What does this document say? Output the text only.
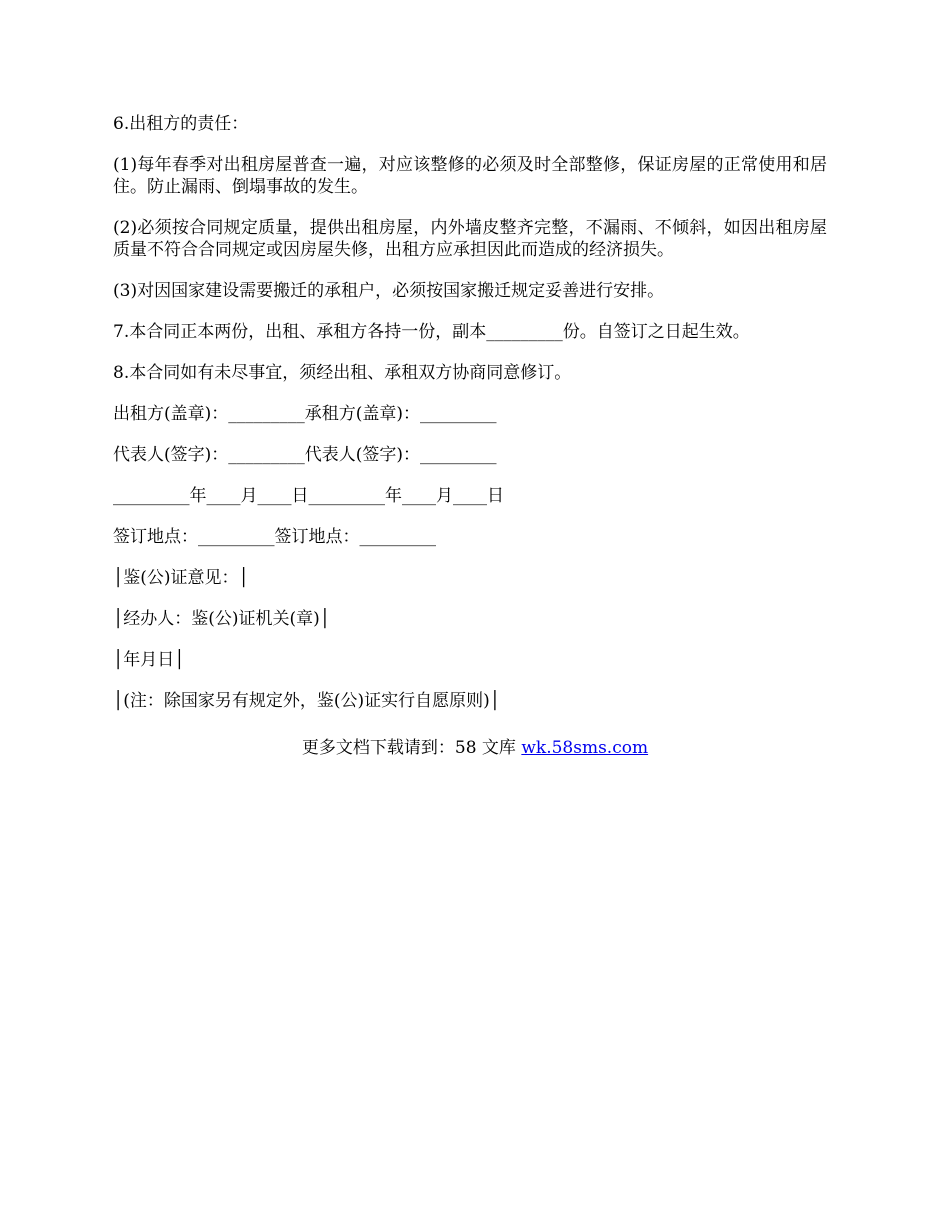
6.出租方的责任：

(1)每年春季对出租房屋普查一遍，对应该整修的必须及时全部整修，保证房屋的正常使用和居住。防止漏雨、倒塌事故的发生。

(2)必须按合同规定质量，提供出租房屋，内外墙皮整齐完整，不漏雨、不倾斜，如因出租房屋质量不符合合同规定或因房屋失修，出租方应承担因此而造成的经济损失。

(3)对因国家建设需要搬迁的承租户，必须按国家搬迁规定妥善进行安排。

7.本合同正本两份，出租、承租方各持一份，副本_________份。自签订之日起生效。

8.本合同如有未尽事宜，须经出租、承租双方协商同意修订。

出租方(盖章)：_________承租方(盖章)：_________

代表人(签字)：_________代表人(签字)：_________

_________年____月____日_________年____月____日

签订地点：_________签订地点：_________

│鉴(公)证意见：│

│经办人：鉴(公)证机关(章)│

│年月日│

│(注：除国家另有规定外，鉴(公)证实行自愿原则)│

更多文档下载请到：58 文库 wk.58sms.com
